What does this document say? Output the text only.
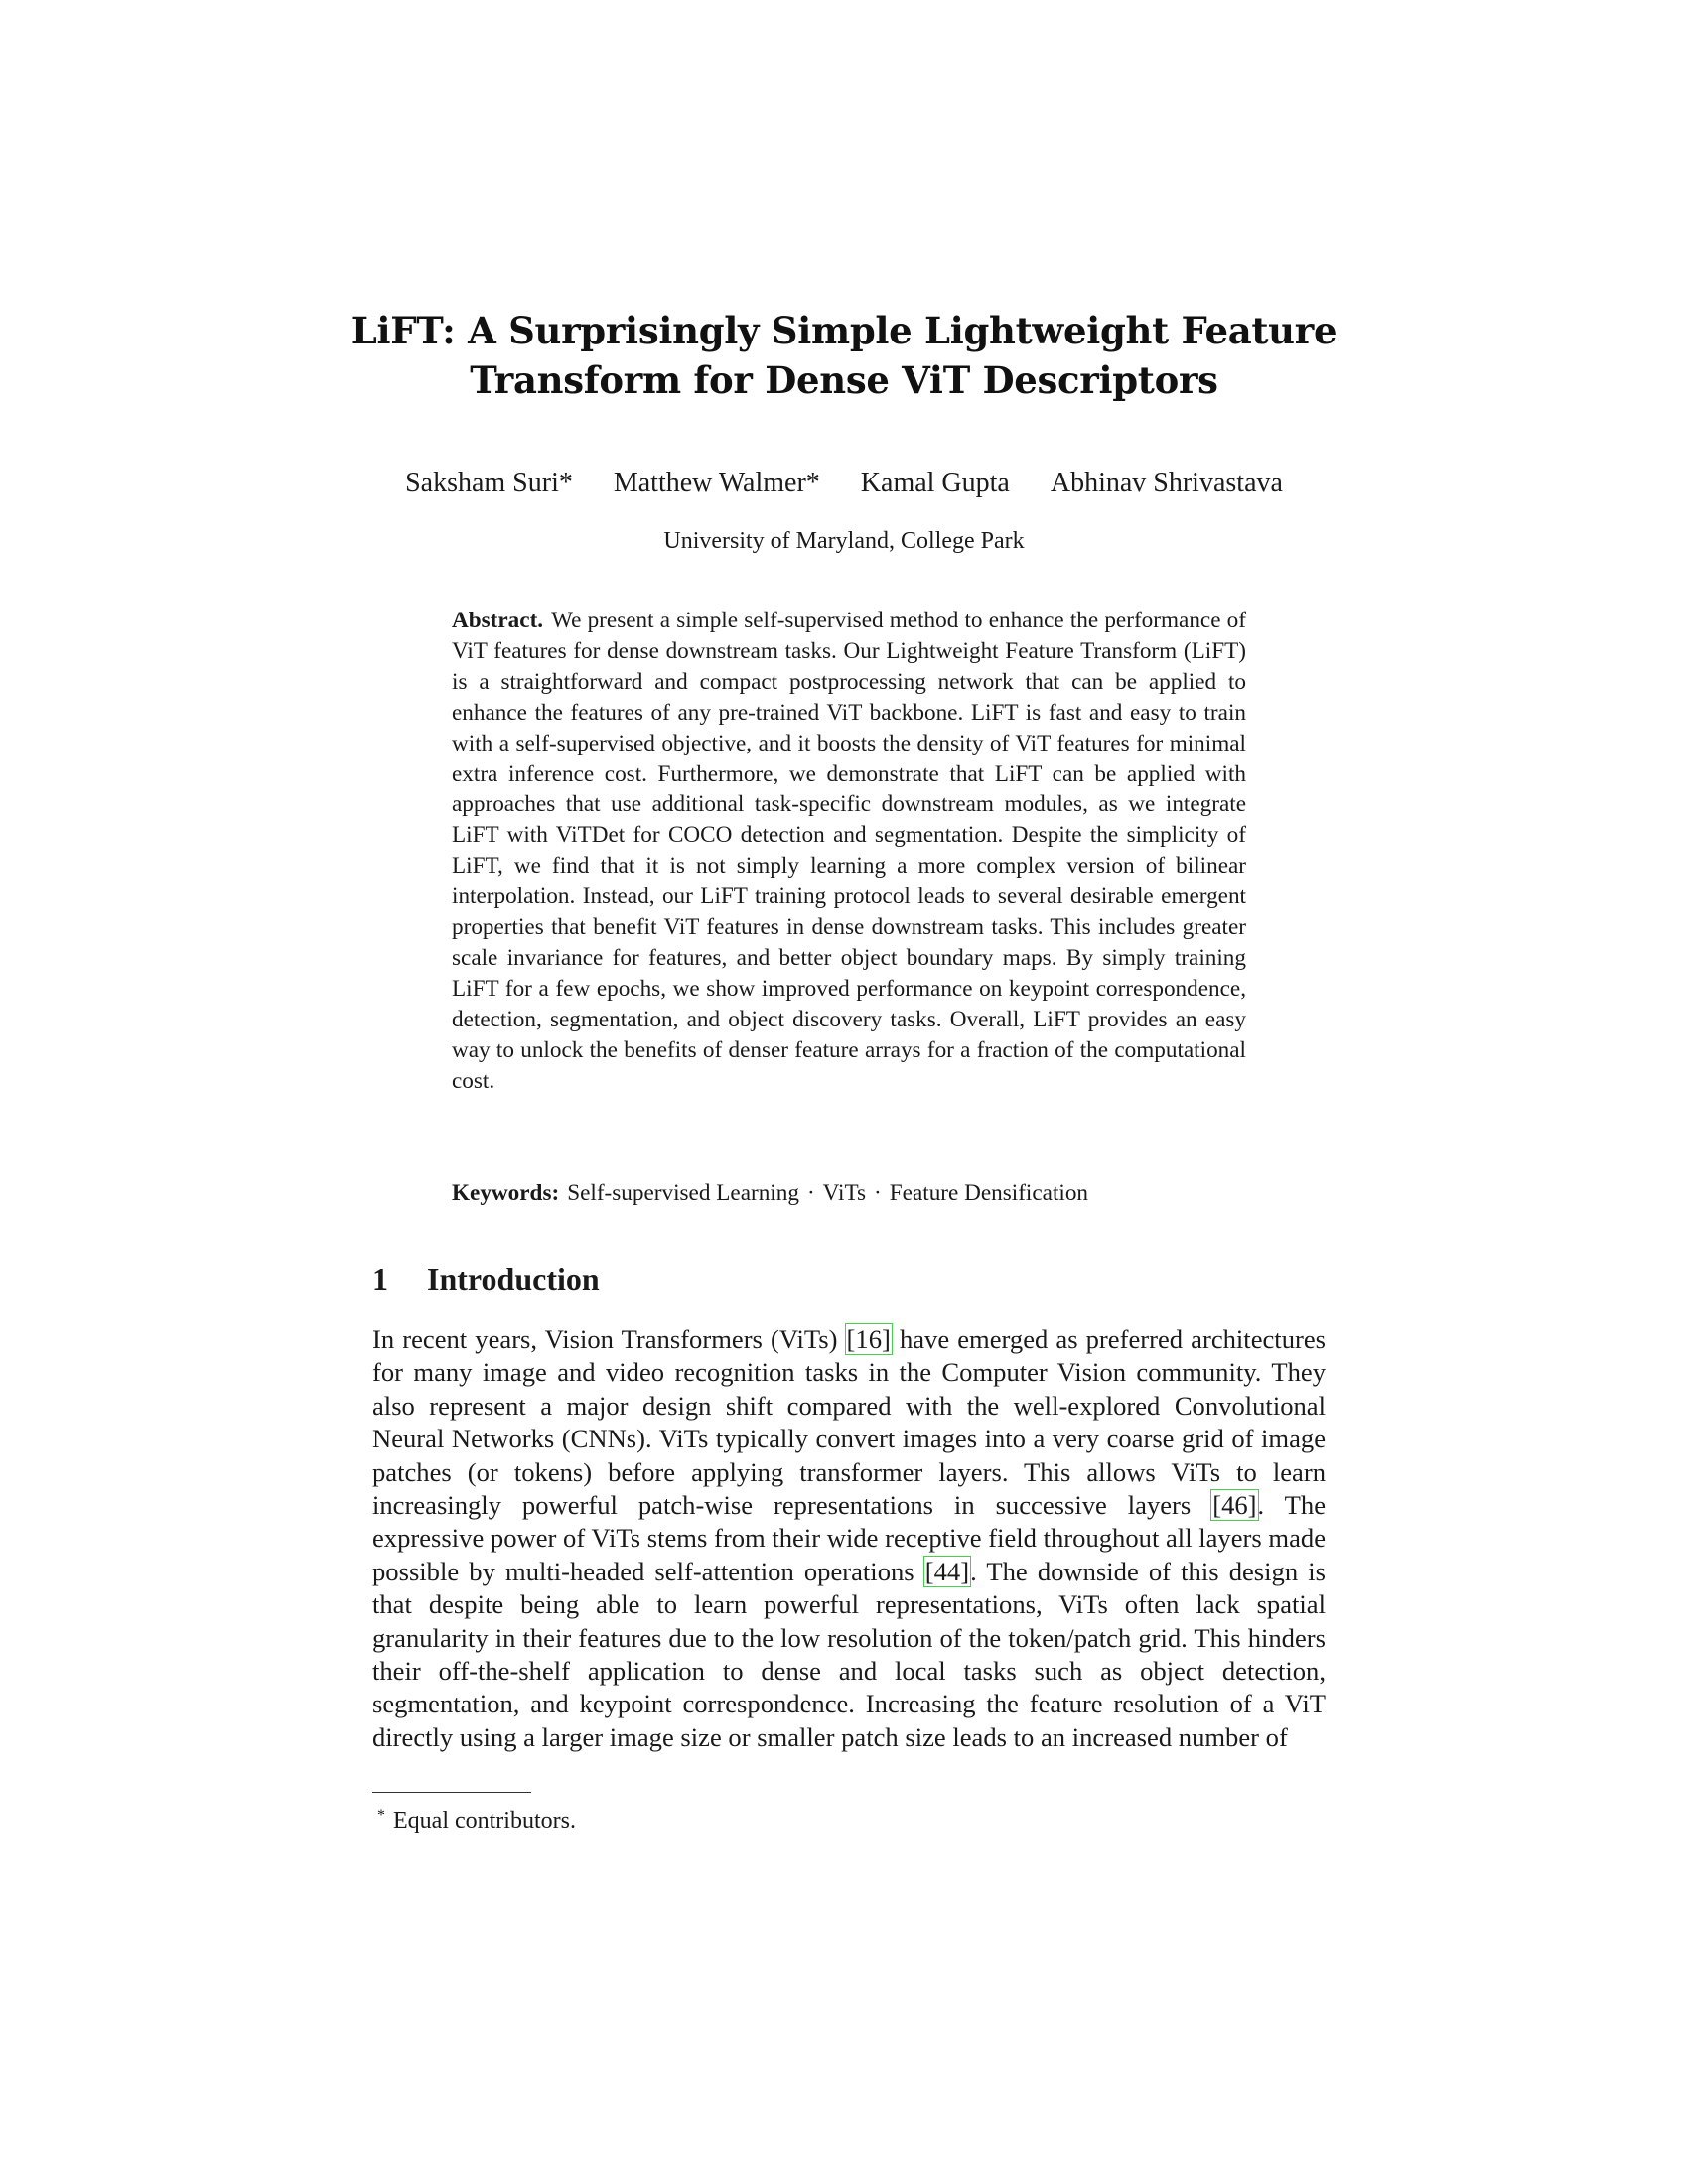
LiFT: A Surprisingly Simple Lightweight Feature
Transform for Dense ViT Descriptors
Saksham Suri* Matthew Walmer* Kamal Gupta Abhinav Shrivastava
University of Maryland, College Park
Abstract. We present a simple self-supervised method to enhance the performance of ViT features for dense downstream tasks. Our Lightweight Feature Transform (LiFT) is a straightforward and compact postprocessing network that can be applied to enhance the features of any pre-trained ViT backbone. LiFT is fast and easy to train with a self-supervised objective, and it boosts the density of ViT features for minimal extra inference cost. Furthermore, we demonstrate that LiFT can be applied with approaches that use additional task-specific downstream modules, as we integrate LiFT with ViTDet for COCO detection and segmentation. Despite the simplicity of LiFT, we find that it is not simply learning a more complex version of bilinear interpolation. Instead, our LiFT training protocol leads to several desirable emergent properties that benefit ViT features in dense downstream tasks. This includes greater scale invariance for features, and better object boundary maps. By simply training LiFT for a few epochs, we show improved performance on keypoint correspondence, detection, segmentation, and object discovery tasks. Overall, LiFT provides an easy way to unlock the benefits of denser feature arrays for a fraction of the computational cost.
Keywords: Self-supervised Learning · ViTs · Feature Densification
1 Introduction
In recent years, Vision Transformers (ViTs) [16] have emerged as preferred architectures for many image and video recognition tasks in the Computer Vision community. They also represent a major design shift compared with the well-explored Convolutional Neural Networks (CNNs). ViTs typically convert images into a very coarse grid of image patches (or tokens) before applying transformer layers. This allows ViTs to learn increasingly powerful patch-wise representations in successive layers [46]. The expressive power of ViTs stems from their wide receptive field throughout all layers made possible by multi-headed self-attention operations [44]. The downside of this design is that despite being able to learn powerful representations, ViTs often lack spatial granularity in their features due to the low resolution of the token/patch grid. This hinders their off-the-shelf application to dense and local tasks such as object detection, segmentation, and keypoint correspondence. Increasing the feature resolution of a ViT directly using a larger image size or smaller patch size leads to an increased number of
* Equal contributors.
